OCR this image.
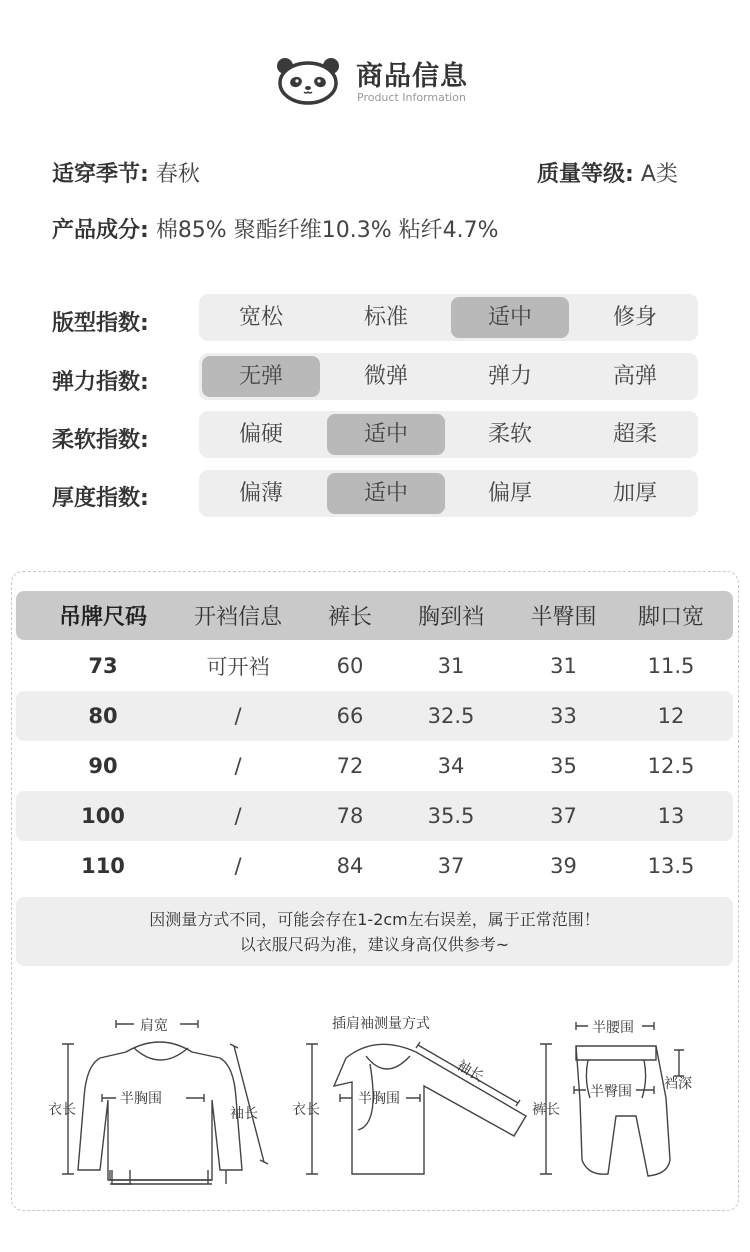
商品信息
Product Information
适穿季节: 春秋	质量等级: A类
产品成分: 棉85% 聚酯纤维10.3% 粘纤4.7%
版型指数:	宽松	标准	适中	修身
弹力指数:	无弹	微弹	弹力	高弹
柔软指数:	偏硬	适中	柔软	超柔
厚度指数:	偏薄	适中	偏厚	加厚
吊牌尺码	开裆信息	裤长	胸到裆	半臀围	脚口宽
73	可开裆	60	31	31	11.5
80	/	66	32.5	33	12
90	/	72	34	35	12.5
100	/	78	35.5	37	13
110	/	84	37	39	13.5
因测量方式不同，可能会存在1-2cm左右误差，属于正常范围！
以衣服尺码为准，建议身高仅供参考~
肩宽
衣长
半胸围
袖长
插肩袖测量方式
衣长
半胸围
袖长
半腰围
裤长
半臀围 裆深
